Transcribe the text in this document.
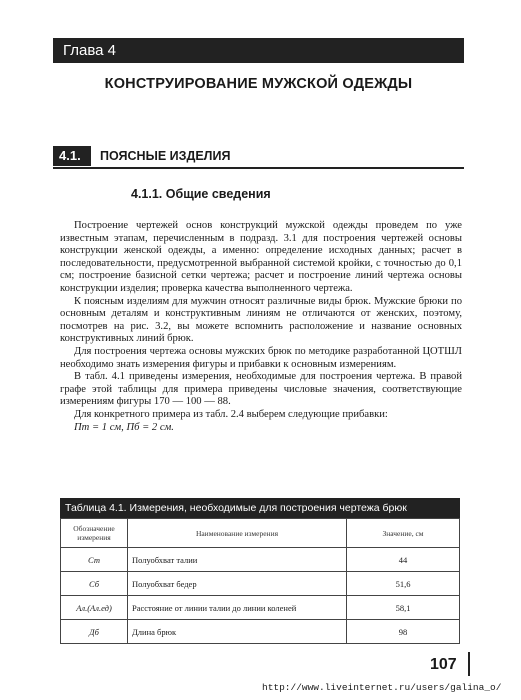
Глава 4
КОНСТРУИРОВАНИЕ МУЖСКОЙ ОДЕЖДЫ
4.1.	ПОЯСНЫЕ ИЗДЕЛИЯ
4.1.1. Общие сведения

Построение чертежей основ конструкций мужской одежды проведем по уже известным этапам, перечисленным в подразд. 3.1 для построения чертежей основы конструкции женской одежды, а именно: определение исходных данных; расчет в последовательности, предусмотренной выбранной системой кройки, с точностью до 0,1 см; построение базисной сетки чертежа; расчет и построение линий чертежа основы конструкции изделия; проверка качества выполненного чертежа.

К поясным изделиям для мужчин относят различные виды брюк. Мужские брюки по основным деталям и конструктивным линиям не отличаются от женских, поэтому, посмотрев на рис. 3.2, вы можете вспомнить расположение и название основных конструктивных линий брюк.

Для построения чертежа основы мужских брюк по методике разработанной ЦОТШЛ необходимо знать измерения фигуры и прибавки к основным измерениям.

В табл. 4.1 приведены измерения, необходимые для построения чертежа. В правой графе этой таблицы для примера приведены числовые значения, соответствующие измерениям фигуры 170 — 100 — 88.

Для конкретного примера из табл. 2.4 выберем следующие прибавки:

Пт = 1 см, Пб = 2 см.

Таблица 4.1. Измерения, необходимые для построения чертежа брюк
Обозначение измерения	Наименование измерения	Значение, см
Ст	Полуобхват талии	44
Сб	Полуобхват бедер	51,6
Ал.(Ал.ед)	Расстояние от линии талии до линии коленей	58,1
Дб	Длина брюк	98
107
http://www.liveinternet.ru/users/galina_o/
